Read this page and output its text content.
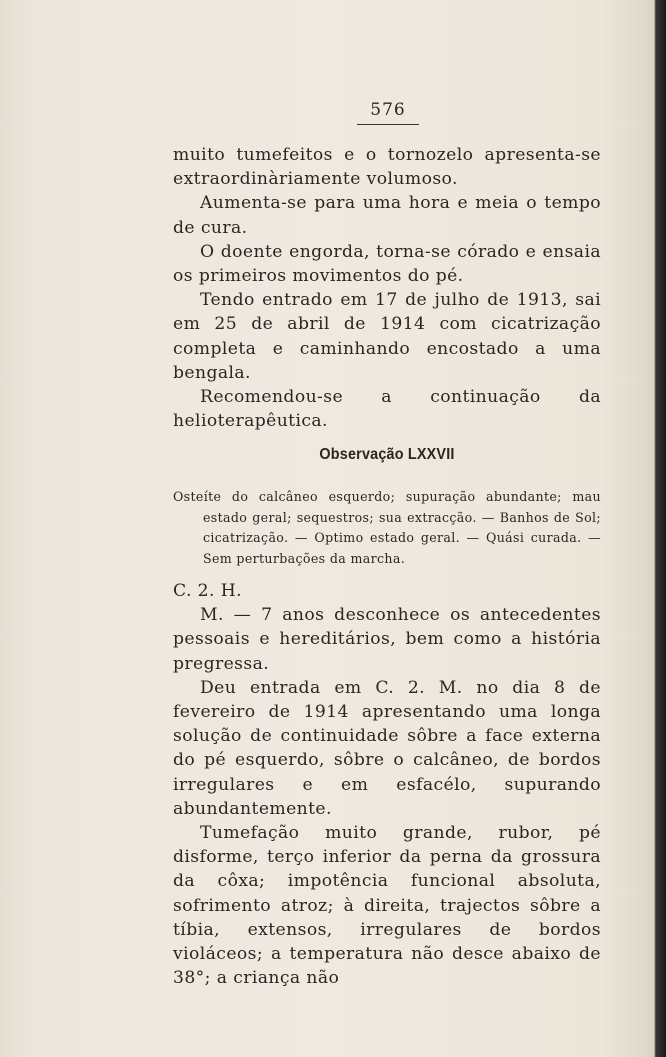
576

muito tumefeitos e o tornozelo apresenta-se extraordinàriamente volumoso.

Aumenta-se para uma hora e meia o tempo de cura.

O doente engorda, torna-se córado e ensaia os primeiros movimentos do pé.

Tendo entrado em 17 de julho de 1913, sai em 25 de abril de 1914 com cicatrização completa e caminhando encostado a uma bengala.

Recomendou-se a continuação da helioterapêutica.

Observação LXXVII
Osteíte do calcâneo esquerdo; supuração abundante; mau estado geral; sequestros; sua extracção. — Banhos de Sol; cicatrização. — Optimo estado geral. — Quási curada. — Sem perturbações da marcha.

C. 2. H.

M. — 7 anos desconhece os antecedentes pessoais e hereditários, bem como a história pregressa.

Deu entrada em C. 2. M. no dia 8 de fevereiro de 1914 apresentando uma longa solução de continuidade sôbre a face externa do pé esquerdo, sôbre o calcâneo, de bordos irregulares e em esfacélo, supurando abundantemente.

Tumefação muito grande, rubor, pé disforme, terço inferior da perna da grossura da côxa; impotência funcional absoluta, sofrimento atroz; à direita, trajectos sôbre a tíbia, extensos, irregulares de bordos violáceos; a temperatura não desce abaixo de 38°; a criança não
